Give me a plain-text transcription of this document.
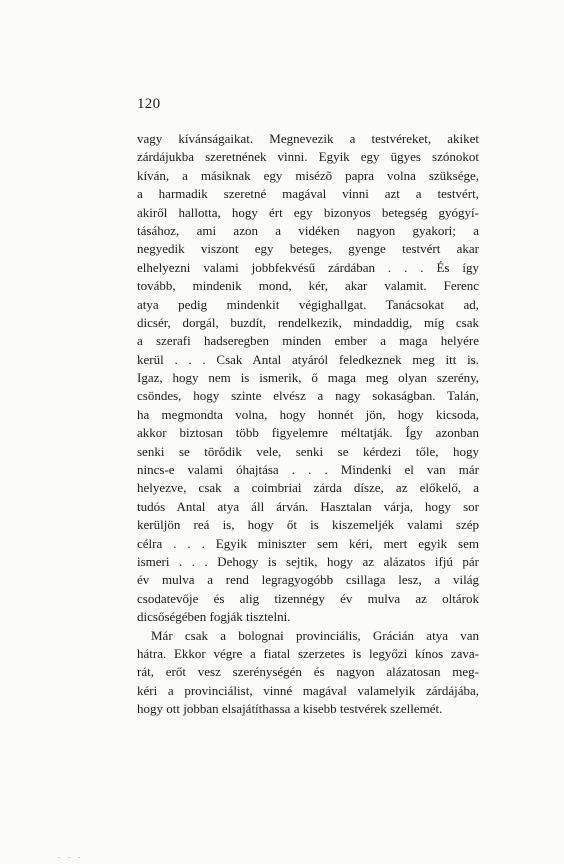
120
vagy kívánságaikat. Megnevezik a testvéreket, akiket
zárdájukba szeretnének vinni. Egyik egy ügyes szónokot
kíván, a másiknak egy misézõ papra volna szüksége,
a harmadik szeretné magával vinni azt a testvért,
akiről hallotta, hogy ért egy bizonyos betegség gyógyí-
tásához, ami azon a vidéken nagyon gyakori; a
negyedik viszont egy beteges, gyenge testvért akar
elhelyezni valami jobbfekvésű zárdában . . . És így
tovább, mindenik mond, kér, akar valamit. Ferenc
atya pedig mindenkit végighallgat. Tanácsokat ad,
dicsér, dorgál, buzdít, rendelkezik, mindaddig, míg csak
a szerafi hadseregben minden ember a maga helyére
kerül . . . Csak Antal atyáról feledkeznek meg itt is.
Igaz, hogy nem is ismerik, ő maga meg olyan szerény,
csöndes, hogy szinte elvész a nagy sokaságban. Talán,
ha megmondta volna, hogy honnét jön, hogy kicsoda,
akkor biztosan több figyelemre méltatják. Így azonban
senki se törődik vele, senki se kérdezi tőle, hogy
nincs-e valami óhajtása . . . Mindenki el van már
helyezve, csak a coimbriai zárda dísze, az előkelő, a
tudós Antal atya áll árván. Hasztalan várja, hogy sor
kerüljön reá is, hogy őt is kiszemeljék valami szép
célra . . . Egyik miniszter sem kéri, mert egyik sem
ismeri . . . Dehogy is sejtik, hogy az alázatos ifjú pár
év mulva a rend legragyogóbb csillaga lesz, a világ
csodatevője és alig tizennégy év mulva az oltárok
dicsőségében fogják tisztelni.
Már csak a bolognai provinciális, Grácián atya van
hátra. Ekkor végre a fiatal szerzetes is legyőzi kínos zava-
rát, erőt vesz szerénységén és nagyon alázatosan meg-
kéri a provinciálist, vinné magával valamelyik zárdájába,
hogy ott jobban elsajátíthassa a kisebb testvérek szellemét.
. . .
